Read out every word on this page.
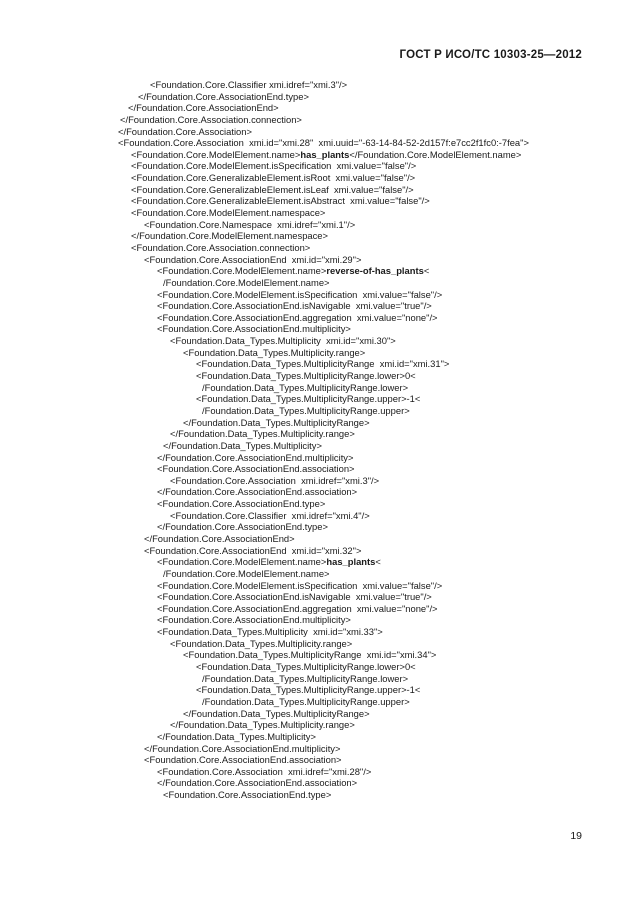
ГОСТ Р ИСО/ТС 10303-25—2012
<Foundation.Core.Classifier xmi.idref="xmi.3"/>
</Foundation.Core.AssociationEnd.type>
</Foundation.Core.AssociationEnd>
</Foundation.Core.Association.connection>
</Foundation.Core.Association>
<Foundation.Core.Association  xmi.id="xmi.28"  xmi.uuid="-63-14-84-52-2d157f:e7cc2f1fc0:-7fea">
<Foundation.Core.ModelElement.name>has_plants</Foundation.Core.ModelElement.name>
<Foundation.Core.ModelElement.isSpecification  xmi.value="false"/>
<Foundation.Core.GeneralizableElement.isRoot  xmi.value="false"/>
<Foundation.Core.GeneralizableElement.isLeaf  xmi.value="false"/>
<Foundation.Core.GeneralizableElement.isAbstract  xmi.value="false"/>
<Foundation.Core.ModelElement.namespace>
<Foundation.Core.Namespace  xmi.idref="xmi.1"/>
</Foundation.Core.ModelElement.namespace>
<Foundation.Core.Association.connection>
<Foundation.Core.AssociationEnd  xmi.id="xmi.29">
<Foundation.Core.ModelElement.name>reverse-of-has_plants<
/Foundation.Core.ModelElement.name>
<Foundation.Core.ModelElement.isSpecification  xmi.value="false"/>
<Foundation.Core.AssociationEnd.isNavigable  xmi.value="true"/>
<Foundation.Core.AssociationEnd.aggregation  xmi.value="none"/>
<Foundation.Core.AssociationEnd.multiplicity>
<Foundation.Data_Types.Multiplicity  xmi.id="xmi.30">
<Foundation.Data_Types.Multiplicity.range>
<Foundation.Data_Types.MultiplicityRange  xmi.id="xmi.31">
<Foundation.Data_Types.MultiplicityRange.lower>0<
/Foundation.Data_Types.MultiplicityRange.lower>
<Foundation.Data_Types.MultiplicityRange.upper>-1<
/Foundation.Data_Types.MultiplicityRange.upper>
</Foundation.Data_Types.MultiplicityRange>
</Foundation.Data_Types.Multiplicity.range>
</Foundation.Data_Types.Multiplicity>
</Foundation.Core.AssociationEnd.multiplicity>
<Foundation.Core.AssociationEnd.association>
<Foundation.Core.Association  xmi.idref="xmi.3"/>
</Foundation.Core.AssociationEnd.association>
<Foundation.Core.AssociationEnd.type>
<Foundation.Core.Classifier  xmi.idref="xmi.4"/>
</Foundation.Core.AssociationEnd.type>
</Foundation.Core.AssociationEnd>
<Foundation.Core.AssociationEnd  xmi.id="xmi.32">
<Foundation.Core.ModelElement.name>has_plants<
/Foundation.Core.ModelElement.name>
<Foundation.Core.ModelElement.isSpecification  xmi.value="false"/>
<Foundation.Core.AssociationEnd.isNavigable  xmi.value="true"/>
<Foundation.Core.AssociationEnd.aggregation  xmi.value="none"/>
<Foundation.Core.AssociationEnd.multiplicity>
<Foundation.Data_Types.Multiplicity  xmi.id="xmi.33">
<Foundation.Data_Types.Multiplicity.range>
<Foundation.Data_Types.MultiplicityRange  xmi.id="xmi.34">
<Foundation.Data_Types.MultiplicityRange.lower>0<
/Foundation.Data_Types.MultiplicityRange.lower>
<Foundation.Data_Types.MultiplicityRange.upper>-1<
/Foundation.Data_Types.MultiplicityRange.upper>
</Foundation.Data_Types.MultiplicityRange>
</Foundation.Data_Types.Multiplicity.range>
</Foundation.Data_Types.Multiplicity>
</Foundation.Core.AssociationEnd.multiplicity>
<Foundation.Core.AssociationEnd.association>
<Foundation.Core.Association  xmi.idref="xmi.28"/>
</Foundation.Core.AssociationEnd.association>
<Foundation.Core.AssociationEnd.type>
19
